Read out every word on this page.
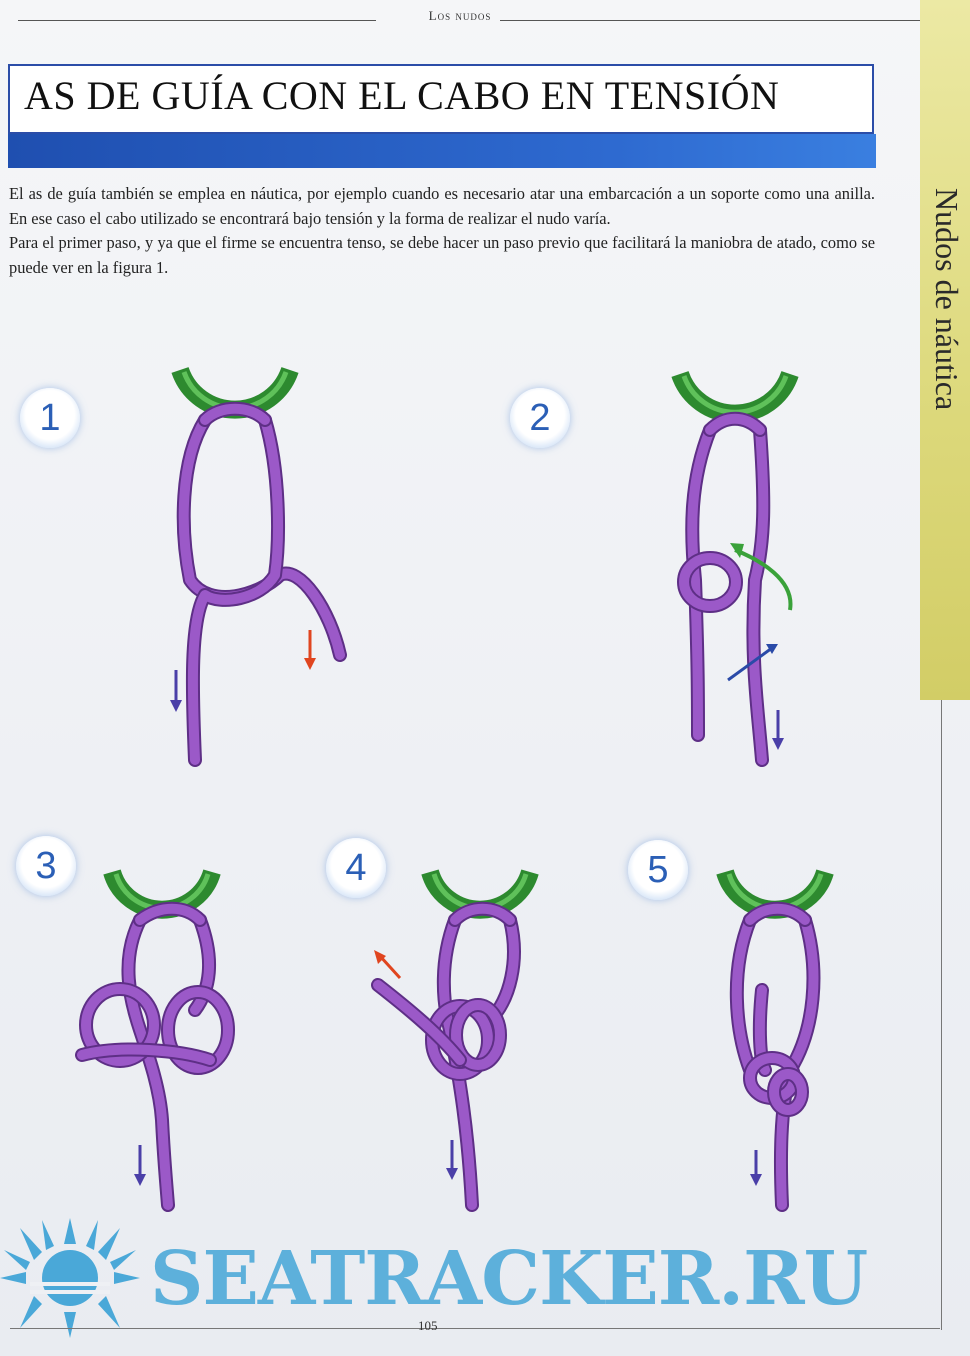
Los nudos
AS DE GUÍA CON EL CABO EN TENSIÓN

El as de guía también se emplea en náutica, por ejemplo cuando es necesario atar una embarcación a un soporte como una anilla. En ese caso el cabo utilizado se encontrará bajo tensión y la forma de realizar el nudo varía.

Para el primer paso, y ya que el firme se encuentra tenso, se debe hacer un paso previo que facilitará la maniobra de atado, como se puede ver en la figura 1.	Nudos de náutica
1	2
3	4	5
SEATRACKER.RU
105
